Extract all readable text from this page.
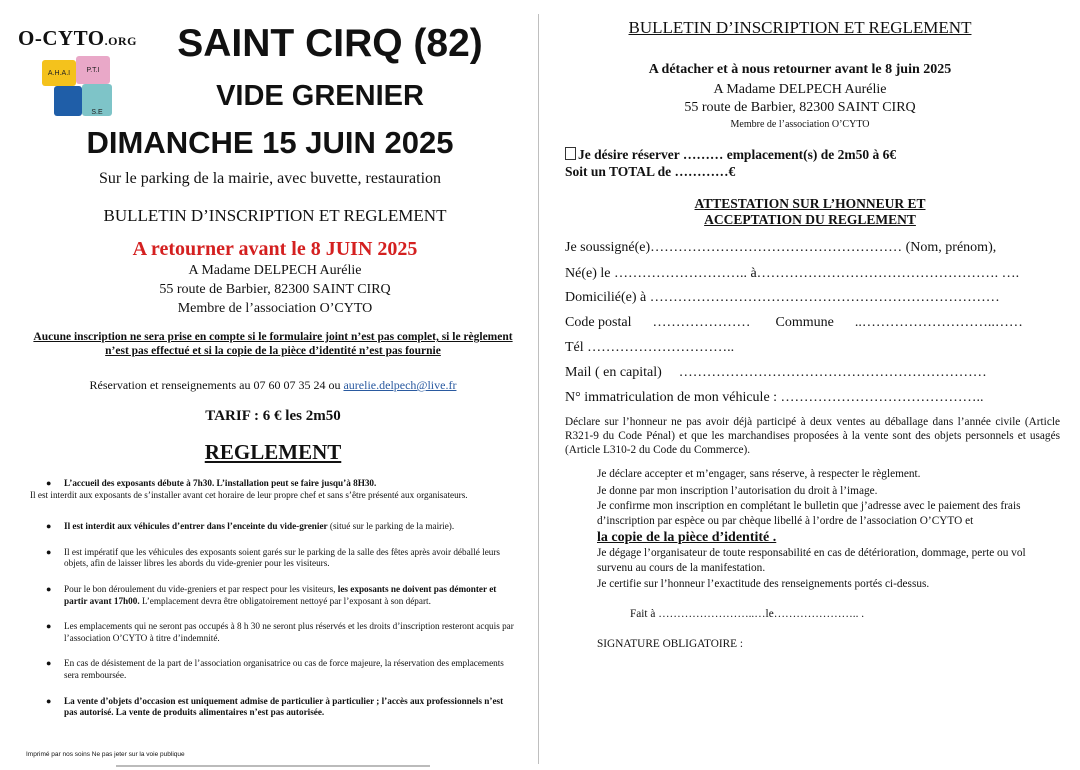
O-CYTO.ORG
A.H.A.I P.T.I
S.E
SAINT CIRQ (82)
VIDE GRENIER
DIMANCHE 15 JUIN 2025
Sur le parking de la mairie, avec buvette, restauration
BULLETIN D’INSCRIPTION ET REGLEMENT
A retourner avant le 8 JUIN 2025
A Madame DELPECH Aurélie
55 route de Barbier, 82300 SAINT CIRQ
Membre de l’association O’CYTO
Aucune inscription ne sera prise en compte si le formulaire joint n’est pas complet, si le règlement n’est pas effectué et si la copie de la pièce d’identité n’est pas fournie
Réservation et renseignements au 07 60 07 35 24 ou aurelie.delpech@live.fr
TARIF : 6 € les 2m50
REGLEMENT
● L’accueil des exposants débute à 7h30. L’installation peut se faire jusqu’à 8H30.
Il est interdit aux exposants de s’installer avant cet horaire de leur propre chef et sans s’être présenté aux organisateurs.
● Il est interdit aux véhicules d’entrer dans l’enceinte du vide-grenier (situé sur le parking de la mairie).
● Il est impératif que les véhicules des exposants soient garés sur le parking de la salle des fêtes après avoir déballé leurs objets, afin de laisser libres les abords du vide-grenier pour les visiteurs.
● Pour le bon déroulement du vide-greniers et par respect pour les visiteurs, les exposants ne doivent pas démonter et partir avant 17h00. L’emplacement devra être obligatoirement nettoyé par l’exposant à son départ.
● Les emplacements qui ne seront pas occupés à 8 h 30 ne seront plus réservés et les droits d’inscription resteront acquis par l’association O’CYTO à titre d’indemnité.
● En cas de désistement de la part de l’association organisatrice ou cas de force majeure, la réservation des emplacements sera remboursée.
● La vente d’objets d’occasion est uniquement admise de particulier à particulier ; l’accès aux professionnels n’est pas autorisé. La vente de produits alimentaires n’est pas autorisée.
Imprimé par nos soins Ne pas jeter sur la voie publique
BULLETIN D’INSCRIPTION ET REGLEMENT
A détacher et à nous retourner avant le 8 juin 2025
A Madame DELPECH Aurélie
55 route de Barbier, 82300 SAINT CIRQ
Membre de l’association O’CYTO
Je désire réserver ……… emplacement(s) de 2m50 à 6€
Soit un TOTAL de …………€
ATTESTATION SUR L’HONNEUR ET
ACCEPTATION DU REGLEMENT
Je soussigné(e)……………………………………………… (Nom, prénom),
Né(e) le ……………………….. à……………………………………………. ….
Domicilié(e) à …………………………………………………………………
Code postal ………………… Commune ..………………………..……
Tél …………………………..
Mail ( en capital) …………………………………………………………
N° immatriculation de mon véhicule : ……………………………………..
Déclare sur l’honneur ne pas avoir déjà participé à deux ventes au déballage dans l’année civile (Article R321-9 du Code Pénal) et que les marchandises proposées à la vente sont des objets personnels et usagés (Article L310-2 du Code du Commerce).
Je déclare accepter et m’engager, sans réserve, à respecter le règlement.
Je donne par mon inscription l’autorisation du droit à l’image.
Je confirme mon inscription en complétant le bulletin que j’adresse avec le paiement des frais d’inscription par espèce ou par chèque libellé à l’ordre de l’association O’CYTO et
la copie de la pièce d’identité .
Je dégage l’organisateur de toute responsabilité en cas de détérioration, dommage, perte ou vol survenu au cours de la manifestation.
Je certifie sur l’honneur l’exactitude des renseignements portés ci-dessus.
Fait à ……………………..…le………………….. .
SIGNATURE OBLIGATOIRE :
